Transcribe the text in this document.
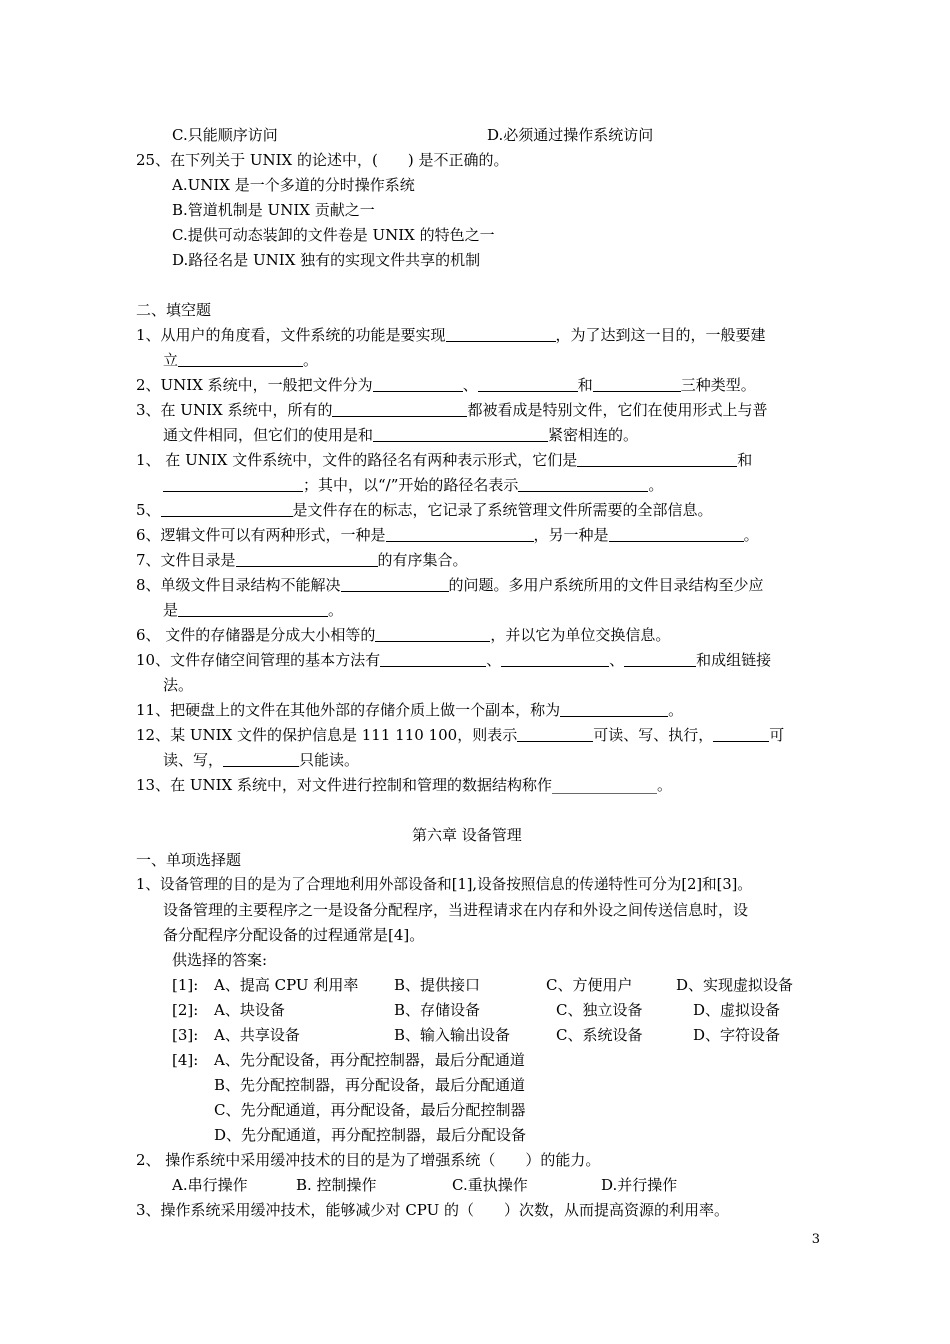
C.只能顺序访问	D.必须通过操作系统访问
25、在下列关于 UNIX 的论述中，(　　) 是不正确的。
A.UNIX 是一个多道的分时操作系统
B.管道机制是 UNIX 贡献之一
C.提供可动态装卸的文件卷是 UNIX 的特色之一
D.路径名是 UNIX 独有的实现文件共享的机制
二、填空题
1、从用户的角度看，文件系统的功能是要实现	，为了达到这一目的，一般要建
立	。
2、UNIX 系统中，一般把文件分为	、	和	三种类型。
3、在 UNIX 系统中，所有的	都被看成是特别文件，它们在使用形式上与普
通文件相同，但它们的使用是和	紧密相连的。
1、 在 UNIX 文件系统中，文件的路径名有两种表示形式，它们是	和
；其中，以“/”开始的路径名表示	。
5、	是文件存在的标志，它记录了系统管理文件所需要的全部信息。
6、逻辑文件可以有两种形式，一种是	，另一种是	。
7、文件目录是	的有序集合。
8、单级文件目录结构不能解决	的问题。多用户系统所用的文件目录结构至少应
是	。
6、 文件的存储器是分成大小相等的	，并以它为单位交换信息。
10、文件存储空间管理的基本方法有	、	、	和成组链接
法。
11、把硬盘上的文件在其他外部的存储介质上做一个副本，称为	。
12、某 UNIX 文件的保护信息是 111 110 100，则表示	可读、写、执行，	可
读、写，	只能读。
13、在 UNIX 系统中，对文件进行控制和管理的数据结构称作______________。
第六章 设备管理
一、单项选择题
1、设备管理的目的是为了合理地利用外部设备和[1],设备按照信息的传递特性可分为[2]和[3]。
设备管理的主要程序之一是设备分配程序，当进程请求在内存和外设之间传送信息时，设
备分配程序分配设备的过程通常是[4]。
供选择的答案:
[1]: A、提高 CPU 利用率 B、提供接口	C、方便用户	D、实现虚拟设备
[2]: A、块设备	B、存储设备	C、独立设备	D、虚拟设备
[3]: A、共享设备	B、输入输出设备	C、系统设备	D、字符设备
[4]: A、先分配设备，再分配控制器，最后分配通道
B、先分配控制器，再分配设备，最后分配通道
C、先分配通道，再分配设备，最后分配控制器
D、先分配通道，再分配控制器，最后分配设备
2、 操作系统中采用缓冲技术的目的是为了增强系统（　　）的能力。
A.串行操作	B. 控制操作	C.重执操作	D.并行操作
3、操作系统采用缓冲技术，能够减少对 CPU 的（　　）次数，从而提高资源的利用率。
3
